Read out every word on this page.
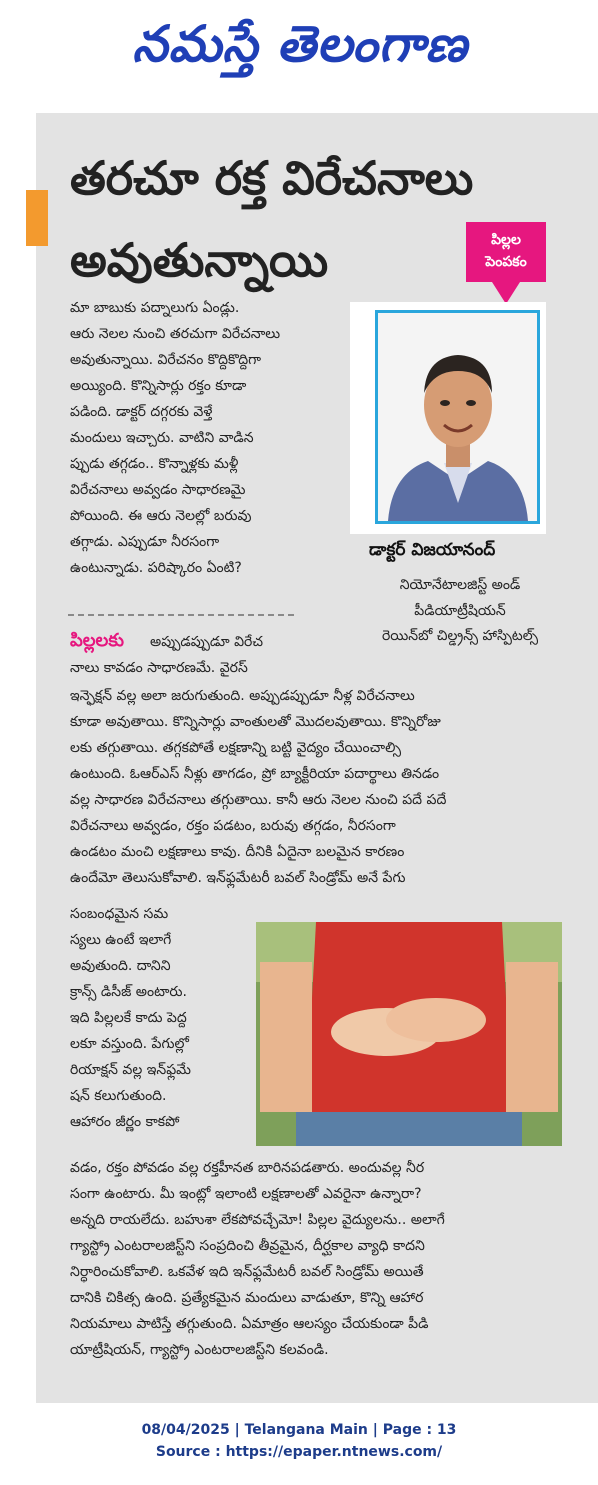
నమస్తే తెలంగాణ
తరచూ రక్త విరేచనాలు
అవుతున్నాయి	పిల్లల
పెంపకం
డాక్టర్ విజయానంద్
నియోనేటాలజిస్ట్ అండ్
పీడియాట్రీషియన్
రెయిన్‌బో చిల్డ్రన్స్ హాస్పిటల్స్
మా బాబుకు పద్నాలుగు ఏండ్లు.
ఆరు నెలల నుంచి తరచుగా విరేచనాలు
అవుతున్నాయి. విరేచనం కొద్దికొద్దిగా
అయ్యింది. కొన్నిసార్లు రక్తం కూడా
పడింది. డాక్టర్ దగ్గరకు వెళ్తే
మందులు ఇచ్చారు. వాటిని వాడిన
ప్పుడు తగ్గడం.. కొన్నాళ్లకు మళ్లీ
విరేచనాలు అవ్వడం సాధారణమై
పోయింది. ఈ ఆరు నెలల్లో బరువు
తగ్గాడు. ఎప్పుడూ నీరసంగా
ఉంటున్నాడు. పరిష్కారం ఏంటి?
పిల్లలకు అప్పుడప్పుడూ విరేచ
నాలు కావడం సాధారణమే. వైరస్
ఇన్ఫెక్షన్ వల్ల అలా జరుగుతుంది. అప్పుడప్పుడూ నీళ్ల విరేచనాలు
కూడా అవుతాయి. కొన్నిసార్లు వాంతులతో మొదలవుతాయి. కొన్నిరోజు
లకు తగ్గుతాయి. తగ్గకపోతే లక్షణాన్ని బట్టి వైద్యం చేయించాల్సి
ఉంటుంది. ఓఆర్ఎస్ నీళ్లు తాగడం, ప్రో బ్యాక్టీరియా పదార్థాలు తినడం
వల్ల సాధారణ విరేచనాలు తగ్గుతాయి. కానీ ఆరు నెలల నుంచి పదే పదే
విరేచనాలు అవ్వడం, రక్తం పడటం, బరువు తగ్గడం, నీరసంగా
ఉండటం మంచి లక్షణాలు కావు. దీనికి ఏదైనా బలమైన కారణం
ఉందేమో తెలుసుకోవాలి. ఇన్‌ఫ్లమేటరీ బవల్ సిండ్రోమ్ అనే పేగు
సంబంధమైన సమ
స్యలు ఉంటే ఇలాగే
అవుతుంది. దానిని
క్రాన్స్ డిసీజ్ అంటారు.
ఇది పిల్లలకే కాదు పెద్ద
లకూ వస్తుంది. పేగుల్లో
రియాక్షన్ వల్ల ఇన్‌ఫ్లమే
షన్ కలుగుతుంది.
ఆహారం జీర్ణం కాకపో
వడం, రక్తం పోవడం వల్ల రక్తహీనత బారినపడతారు. అందువల్ల నీర
సంగా ఉంటారు. మీ ఇంట్లో ఇలాంటి లక్షణాలతో ఎవరైనా ఉన్నారా?
అన్నది రాయలేదు. బహుశా లేకపోవచ్చేమో! పిల్లల వైద్యులను.. అలాగే
గ్యాస్ట్రో ఎంటరాలజిస్ట్‌ని సంప్రదించి తీవ్రమైన, దీర్ఘకాల వ్యాధి కాదని
నిర్ధారించుకోవాలి. ఒకవేళ ఇది ఇన్‌ఫ్లమేటరీ బవల్ సిండ్రోమ్ అయితే
దానికి చికిత్స ఉంది. ప్రత్యేకమైన మందులు వాడుతూ, కొన్ని ఆహార
నియమాలు పాటిస్తే తగ్గుతుంది. ఏమాత్రం ఆలస్యం చేయకుండా పీడి
యాట్రీషియన్, గ్యాస్ట్రో ఎంటరాలజిస్ట్‌ని కలవండి.
08/04/2025 | Telangana Main | Page : 13
Source : https://epaper.ntnews.com/
